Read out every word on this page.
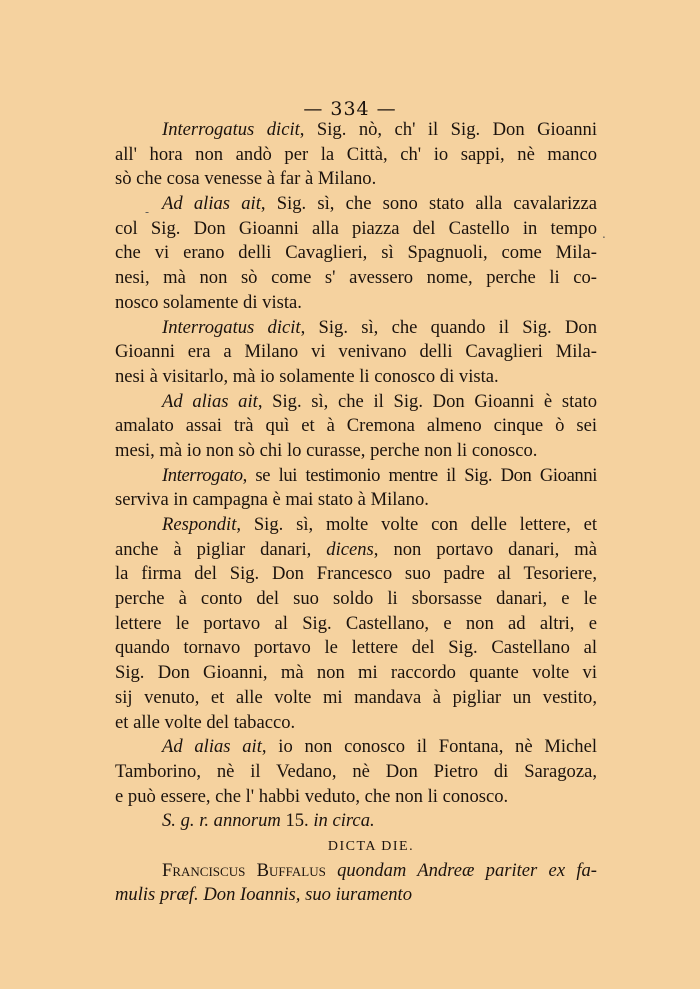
— 334 —
-
.
Interrogatus dicit, Sig. nò, ch' il Sig. Don Gioanni
all' hora non andò per la Città, ch' io sappi, nè manco
sò che cosa venesse à far à Milano.
Ad alias ait, Sig. sì, che sono stato alla cavalarizza
col Sig. Don Gioanni alla piazza del Castello in tempo
che vi erano delli Cavaglieri, sì Spagnuoli, come Mila-
nesi, mà non sò come s' avessero nome, perche li co-
nosco solamente di vista.
Interrogatus dicit, Sig. sì, che quando il Sig. Don
Gioanni era a Milano vi venivano delli Cavaglieri Mila-
nesi à visitarlo, mà io solamente li conosco di vista.
Ad alias ait, Sig. sì, che il Sig. Don Gioanni è stato
amalato assai trà quì et à Cremona almeno cinque ò sei
mesi, mà io non sò chi lo curasse, perche non li conosco.
Interrogato, se lui testimonio mentre il Sig. Don Gioanni
serviva in campagna è mai stato à Milano.
Respondit, Sig. sì, molte volte con delle lettere, et
anche à pigliar danari, dicens, non portavo danari, mà
la firma del Sig. Don Francesco suo padre al Tesoriere,
perche à conto del suo soldo li sborsasse danari, e le
lettere le portavo al Sig. Castellano, e non ad altri, e
quando tornavo portavo le lettere del Sig. Castellano al
Sig. Don Gioanni, mà non mi raccordo quante volte vi
sij venuto, et alle volte mi mandava à pigliar un vestito,
et alle volte del tabacco.
Ad alias ait, io non conosco il Fontana, nè Michel
Tamborino, nè il Vedano, nè Don Pietro di Saragoza,
e può essere, che l' habbi veduto, che non li conosco.
S. g. r. annorum 15. in circa.
DICTA DIE.
Franciscus Buffalus quondam Andreæ pariter ex fa-
mulis præf. Don Ioannis, suo iuramento
